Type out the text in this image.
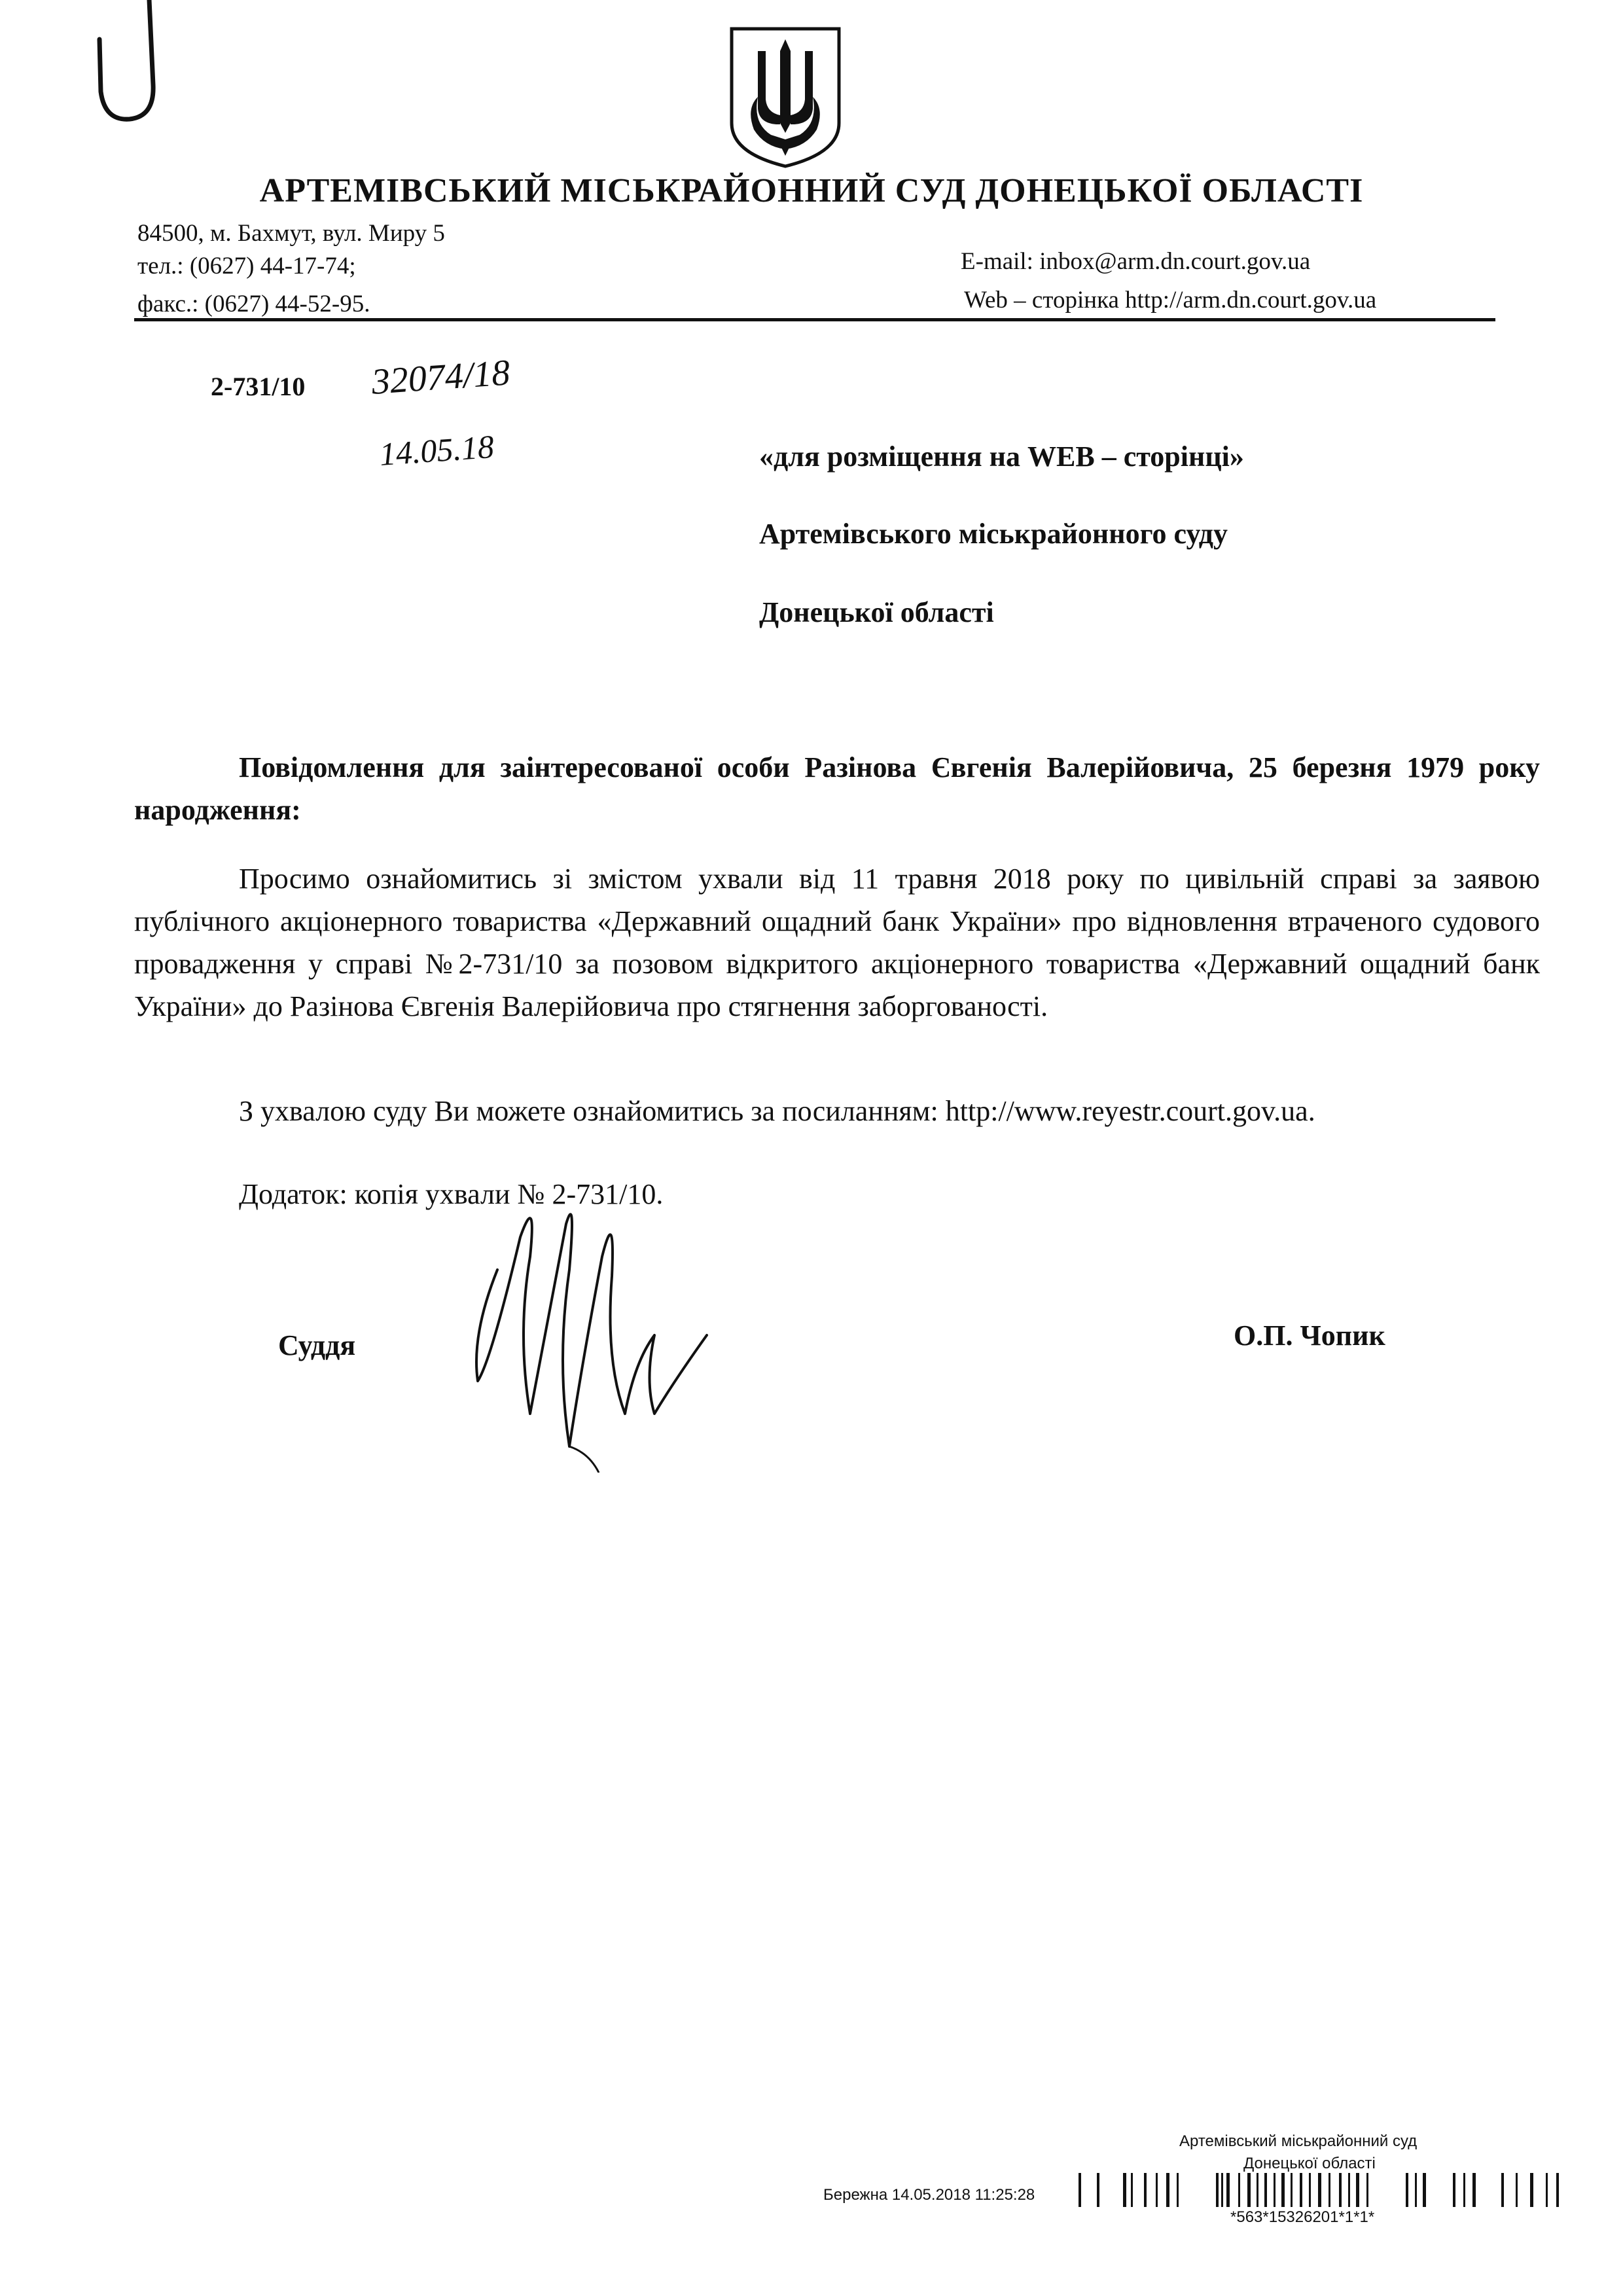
АРТЕМІВСЬКИЙ МІСЬКРАЙОННИЙ СУД ДОНЕЦЬКОЇ ОБЛАСТІ
84500, м. Бахмут, вул. Миру 5
тел.: (0627) 44-17-74;
факс.: (0627) 44-52-95.
E-mail: inbox@arm.dn.court.gov.ua
Web – сторінка http://arm.dn.court.gov.ua
2-731/10 32074/18
14.05.18	«для розміщення на WEB – сторінці»
Артемівського міськрайонного суду
Донецької області
Повідомлення для заінтересованої особи Разінова Євгенія Валерійовича, 25 березня 1979 року народження:
Просимо ознайомитись зі змістом ухвали від 11 травня 2018 року по цивільній справі за заявою публічного акціонерного товариства «Державний ощадний банк України» про відновлення втраченого судового провадження у справі №2-731/10 за позовом відкритого акціонерного товариства «Державний ощадний банк України» до Разінова Євгенія Валерійовича про стягнення заборгованості.
З ухвалою суду Ви можете ознайомитись за посиланням: http://www.reyestr.court.gov.ua.
Додаток: копія ухвали № 2-731/10.
Суддя	О.П. Чопик
Артемівський міськрайонний суд
Донецької області
Бережна 14.05.2018 11:25:28
*563*15326201*1*1*
